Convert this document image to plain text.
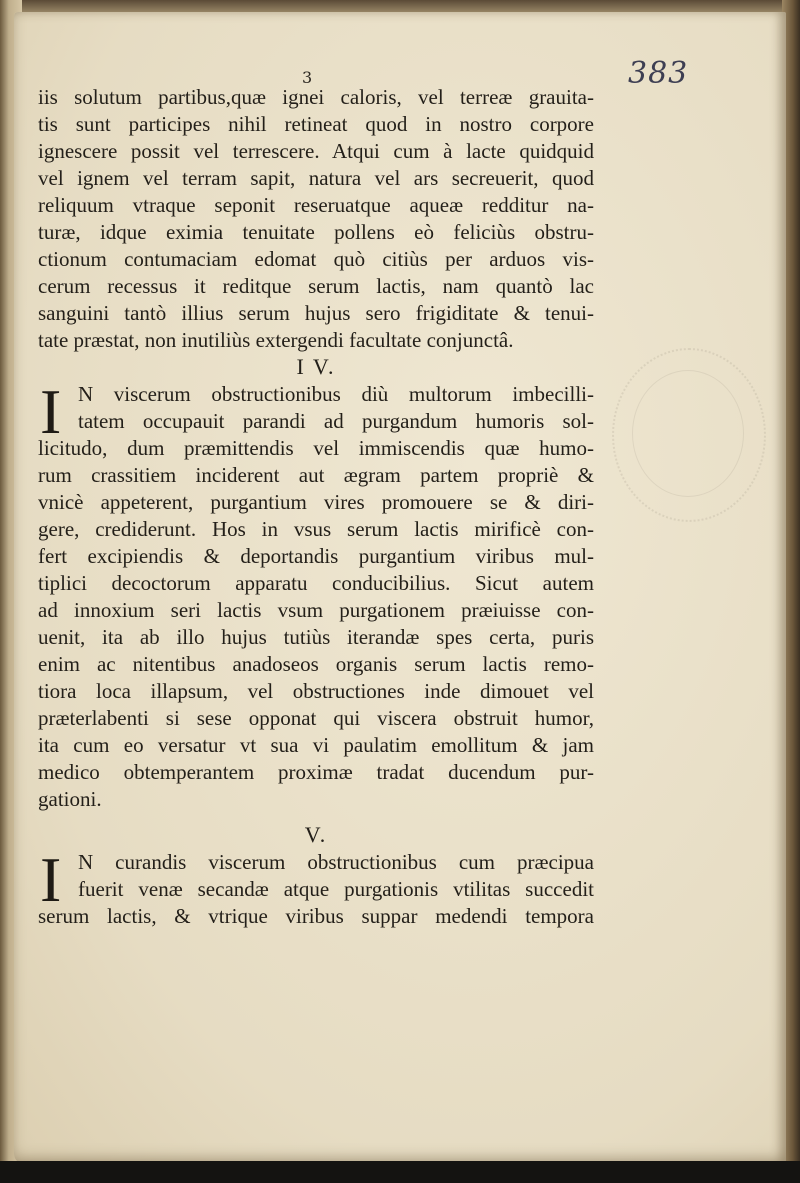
383
3
iis solutum partibus,quæ ignei caloris, vel terreæ grauita-
tis sunt participes nihil retineat quod in nostro corpore
ignescere possit vel terrescere. Atqui cum à lacte quidquid
vel ignem vel terram sapit, natura vel ars secreuerit, quod
reliquum vtraque seponit reseruatque aqueæ redditur na-
turæ, idque eximia tenuitate pollens eò feliciùs obstru-
ctionum contumaciam edomat quò citiùs per arduos vis-
cerum recessus it reditque serum lactis, nam quantò lac
sanguini tantò illius serum hujus sero frigiditate & tenui-
tate præstat, non inutiliùs extergendi facultate conjunctâ.
I V.
I N viscerum obstructionibus diù multorum imbecilli-
tatem occupauit parandi ad purgandum humoris sol-
licitudo, dum præmittendis vel immiscendis quæ humo-
rum crassitiem inciderent aut ægram partem propriè &
vnicè appeterent, purgantium vires promouere se & diri-
gere, crediderunt. Hos in vsus serum lactis mirificè con-
fert excipiendis & deportandis purgantium viribus mul-
tiplici decoctorum apparatu conducibilius. Sicut autem
ad innoxium seri lactis vsum purgationem præiuisse con-
uenit, ita ab illo hujus tutiùs iterandæ spes certa, puris
enim ac nitentibus anadoseos organis serum lactis remo-
tiora loca illapsum, vel obstructiones inde dimouet vel
præterlabenti si sese opponat qui viscera obstruit humor,
ita cum eo versatur vt sua vi paulatim emollitum & jam
medico obtemperantem proximæ tradat ducendum pur-
gationi.
V.
I N curandis viscerum obstructionibus cum præcipua
fuerit venæ secandæ atque purgationis vtilitas succedit
serum lactis, & vtrique viribus suppar medendi tempora
